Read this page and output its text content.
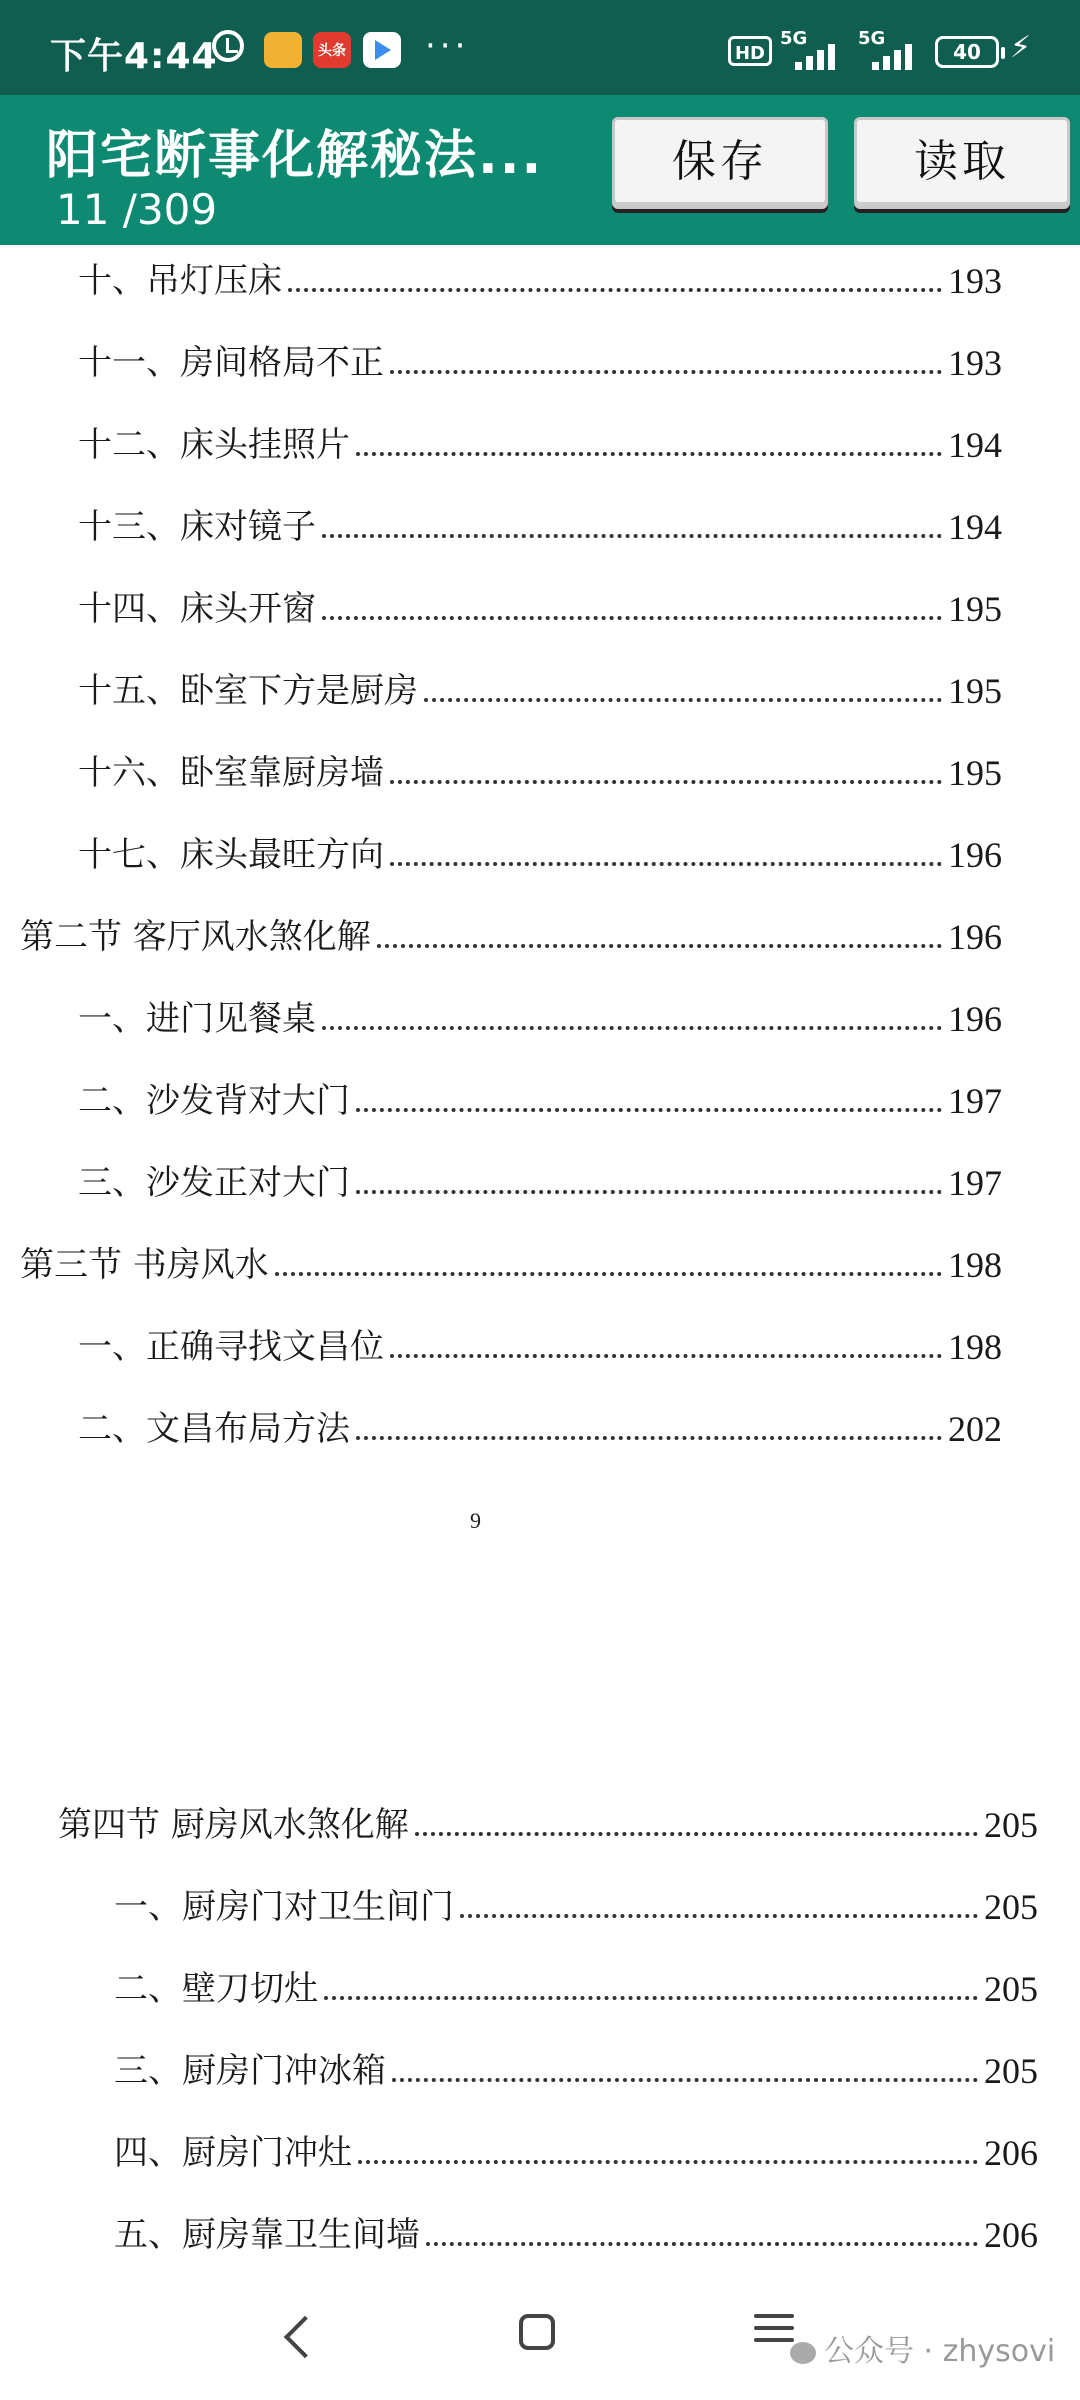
下午4:44	头条 ···	HD
5G	5G
40 ⚡
阳宅断事化解秘法...
11 /309
保存	读取
十、吊灯压床	193
十一、房间格局不正	193
十二、床头挂照片	194
十三、床对镜子	194
十四、床头开窗	195
十五、卧室下方是厨房	195
十六、卧室靠厨房墙	195
十七、床头最旺方向	196
第二节 客厅风水煞化解	196
一、进门见餐桌	196
二、沙发背对大门	197
三、沙发正对大门	197
第三节 书房风水	198
一、正确寻找文昌位	198
二、文昌布局方法	202
9
第四节 厨房风水煞化解	205
一、厨房门对卫生间门	205
二、壁刀切灶	205
三、厨房门冲冰箱	205
四、厨房门冲灶	206
五、厨房靠卫生间墙	206
公众号 · zhysovi
